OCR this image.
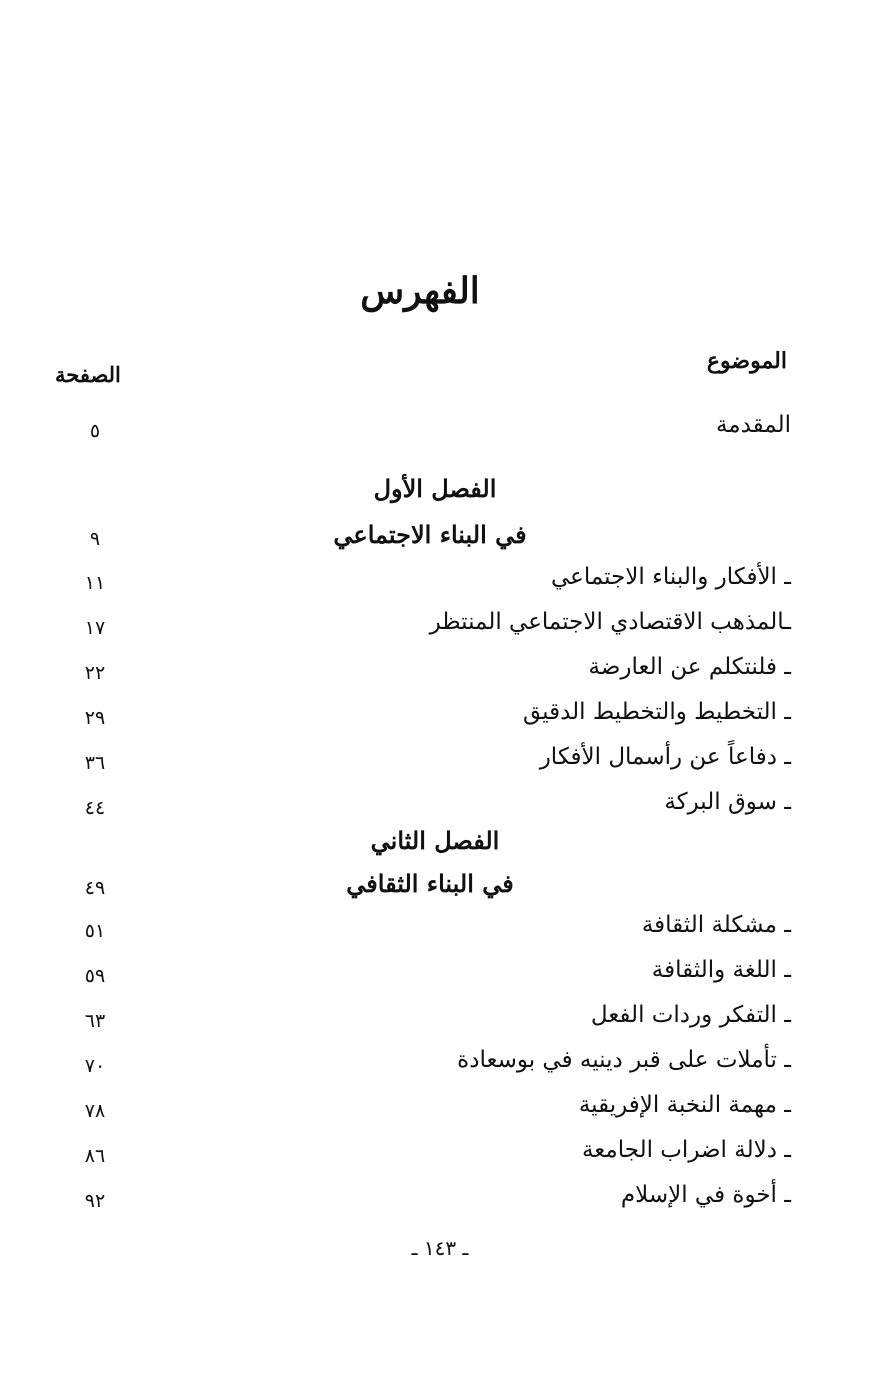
الفهرس
الموضوع
الصفحة
المقدمة
٥
الفصل الأول
في البناء الاجتماعي
٩
ـ الأفكار والبناء الاجتماعي
١١
ـالمذهب الاقتصادي الاجتماعي المنتظر
١٧
ـ فلنتكلم عن العارضة
٢٢
ـ التخطيط والتخطيط الدقيق
٢٩
ـ دفاعاً عن رأسمال الأفكار
٣٦
ـ سوق البركة
٤٤
الفصل الثاني
في البناء الثقافي
٤٩
ـ مشكلة الثقافة
٥١
ـ اللغة والثقافة
٥٩
ـ التفكر وردات الفعل
٦٣
ـ تأملات على قبر دينيه في بوسعادة
٧٠
ـ مهمة النخبة الإفريقية
٧٨
ـ دلالة اضراب الجامعة
٨٦
ـ أخوة في الإسلام
٩٢
ـ ١٤٣ ـ
